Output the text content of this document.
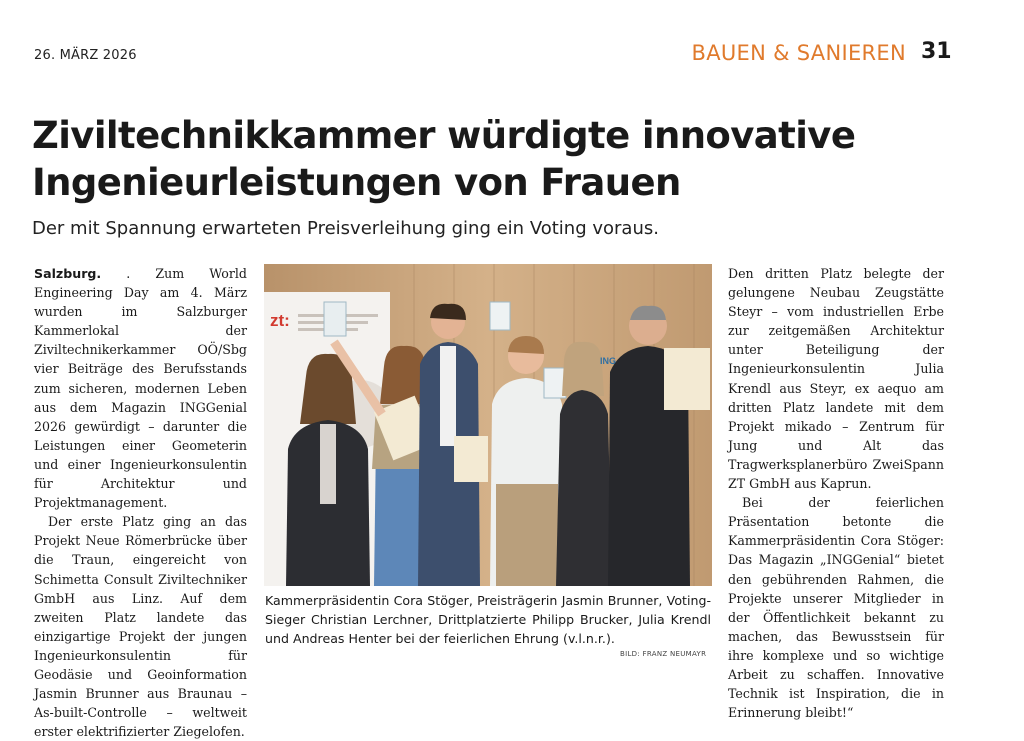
26. MÄRZ 2026	BAUEN & SANIEREN 31
Ziviltechnikkammer würdigte innovative Ingenieurleistungen von Frauen
Der mit Spannung erwarteten Preisverleihung ging ein Voting voraus.

Salzburg. . Zum World Engineering Day am 4. März wurden im Salzburger Kammerlokal der Ziviltechnikerkammer OÖ/Sbg vier Beiträge des Berufsstands zum sicheren, modernen Leben aus dem Magazin INGGenial 2026 gewürdigt – darunter die Leistungen einer Geometerin und einer Ingenieurkonsulentin für Architektur und Projektmanagement.

Der erste Platz ging an das Projekt Neue Römerbrücke über die Traun, eingereicht von Schimetta Consult Ziviltechniker GmbH aus Linz. Auf dem zweiten Platz landete das einzigartige Projekt der jungen Ingenieurkonsulentin für Geodäsie und Geoinformation Jasmin Brunner aus Braunau – As-built-Controlle – weltweit erster elektrifizierter Ziegelofen.

zt:
ING
Kammerpräsidentin Cora Stöger, Preisträgerin Jasmin Brunner, Voting-Sieger Christian Lerchner, Drittplatzierte Philipp Brucker, Julia Krendl und Andreas Henter bei der feierlichen Ehrung (v.l.n.r.).
BILD: FRANZ NEUMAYR

Den dritten Platz belegte der gelungene Neubau Zeugstätte Steyr – vom industriellen Erbe zur zeitgemäßen Architektur unter Beteiligung der Ingenieurkonsulentin Julia Krendl aus Steyr, ex aequo am dritten Platz landete mit dem Projekt mikado – Zentrum für Jung und Alt das Tragwerksplanerbüro ZweiSpann ZT GmbH aus Kaprun.

Bei der feierlichen Präsentation betonte die Kammerpräsidentin Cora Stöger: Das Magazin „INGGenial“ bietet den gebührenden Rahmen, die Projekte unserer Mitglieder in der Öffentlichkeit bekannt zu machen, das Bewusstsein für ihre komplexe und so wichtige Arbeit zu schaffen. Innovative Technik ist Inspiration, die in Erinnerung bleibt!“
